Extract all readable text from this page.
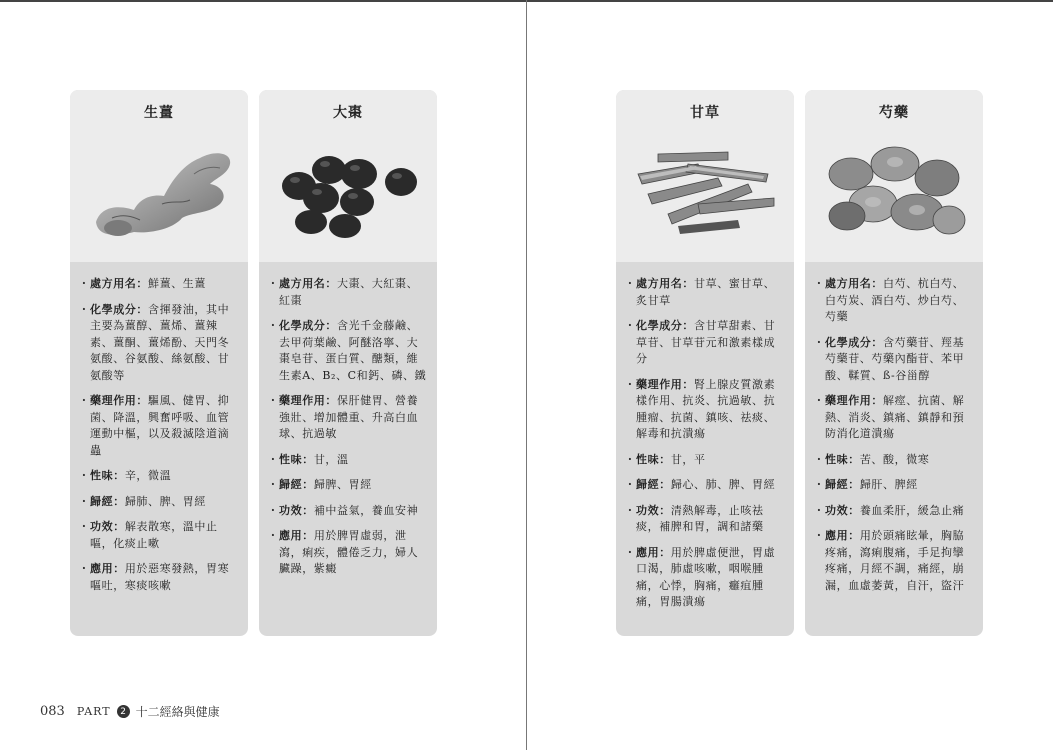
生薑
· 處方用名：鮮薑、生薑
· 化學成分：含揮發油，其中主要為薑醇、薑烯、薑辣素、薑酮、薑烯酚、天門冬氨酸、谷氨酸、絲氨酸、甘氨酸等
· 藥理作用：驅風、健胃、抑菌、降溫，興奮呼吸、血管運動中樞，以及殺滅陰道滴蟲
· 性味：辛，微溫
· 歸經：歸肺、脾、胃經
· 功效：解表散寒，溫中止嘔，化痰止嗽
· 應用：用於惡寒發熱，胃寒嘔吐，寒痰咳嗽
大棗
· 處方用名：大棗、大紅棗、紅棗
· 化學成分：含光千金藤鹼、去甲荷葉鹼、阿醚洛寧、大棗皂苷、蛋白質、醣類，維生素A、B₂、C和鈣、磷、鐵
· 藥理作用：保肝健胃、營養強壯、增加體重、升高白血球、抗過敏
· 性味：甘，溫
· 歸經：歸脾、胃經
· 功效：補中益氣，養血安神
· 應用：用於脾胃虛弱，泄瀉，痢疾，體倦乏力，婦人臟躁，紫癜
甘草
· 處方用名：甘草、蜜甘草、炙甘草
· 化學成分：含甘草甜素、甘草苷、甘草苷元和激素樣成分
· 藥理作用：腎上腺皮質激素樣作用、抗炎、抗過敏、抗腫瘤、抗菌、鎮咳、祛痰、解毒和抗潰瘍
· 性味：甘，平
· 歸經：歸心、肺、脾、胃經
· 功效：清熱解毒，止咳祛痰，補脾和胃，調和諸藥
· 應用：用於脾虛便泄，胃虛口渴，肺虛咳嗽，咽喉腫痛，心悸，胸痛，癰疽腫痛，胃腸潰瘍
芍藥
· 處方用名：白芍、杭白芍、白芍炭、酒白芍、炒白芍、芍藥
· 化學成分：含芍藥苷、羥基芍藥苷、芍藥內酯苷、苯甲酸、鞣質、ß-谷甾醇
· 藥理作用：解痙、抗菌、解熱、消炎、鎮痛、鎮靜和預防消化道潰瘍
· 性味：苦、酸，微寒
· 歸經：歸肝、脾經
· 功效：養血柔肝，緩急止痛
· 應用：用於頭痛眩暈，胸脇疼痛，瀉痢腹痛，手足拘攣疼痛，月經不調，痛經，崩漏，血虛萎黃，自汗，盜汗
083 PART	2 十二經絡與健康
